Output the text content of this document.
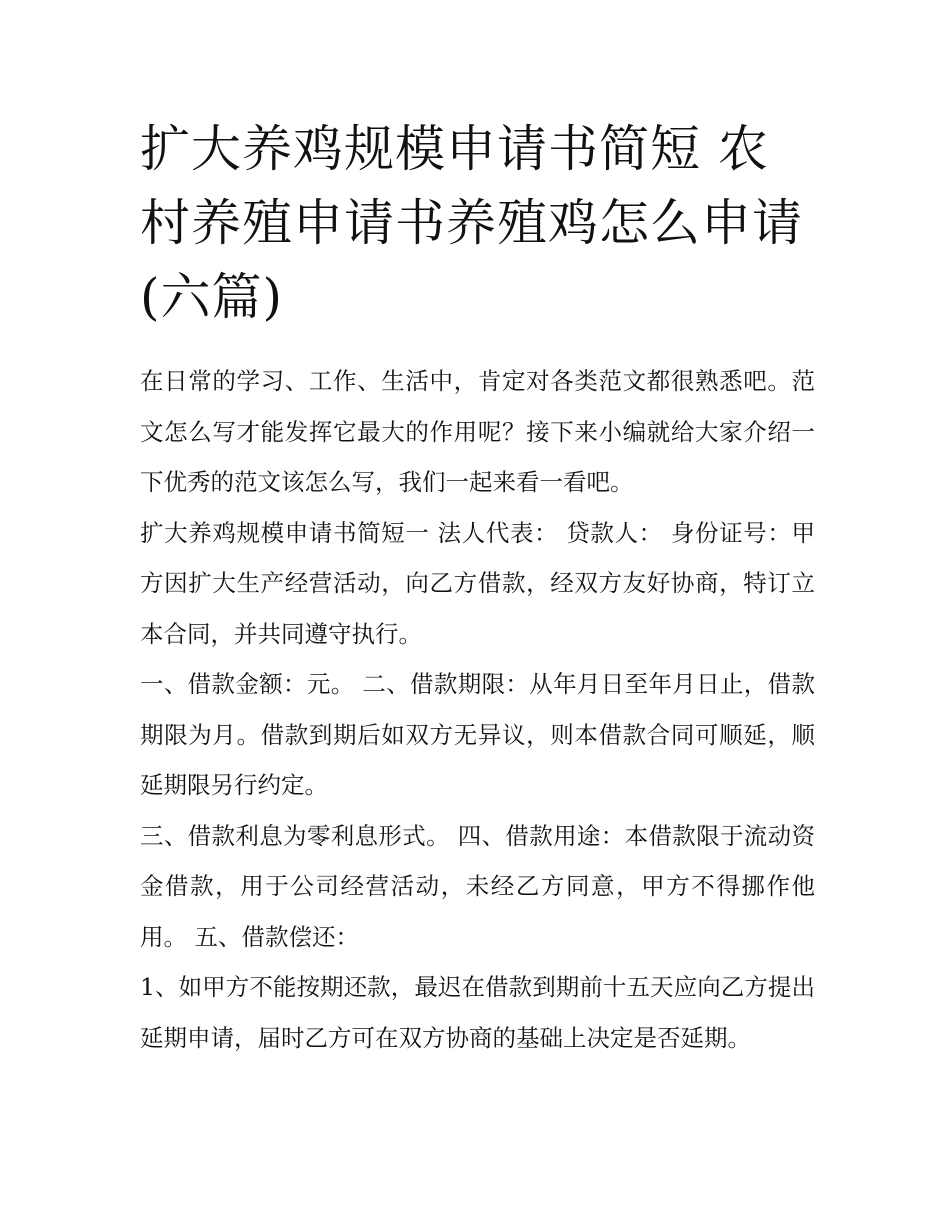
扩大养鸡规模申请书简短 农村养殖申请书养殖鸡怎么申请(六篇)

在日常的学习、工作、生活中，肯定对各类范文都很熟悉吧。范文怎么写才能发挥它最大的作用呢？接下来小编就给大家介绍一下优秀的范文该怎么写，我们一起来看一看吧。

扩大养鸡规模申请书简短一 法人代表： 贷款人： 身份证号：甲方因扩大生产经营活动，向乙方借款，经双方友好协商，特订立本合同，并共同遵守执行。

一、借款金额：元。 二、借款期限：从年月日至年月日止，借款期限为月。借款到期后如双方无异议，则本借款合同可顺延，顺延期限另行约定。

三、借款利息为零利息形式。 四、借款用途：本借款限于流动资金借款，用于公司经营活动，未经乙方同意，甲方不得挪作他用。 五、借款偿还：

1、如甲方不能按期还款，最迟在借款到期前十五天应向乙方提出延期申请，届时乙方可在双方协商的基础上决定是否延期。
